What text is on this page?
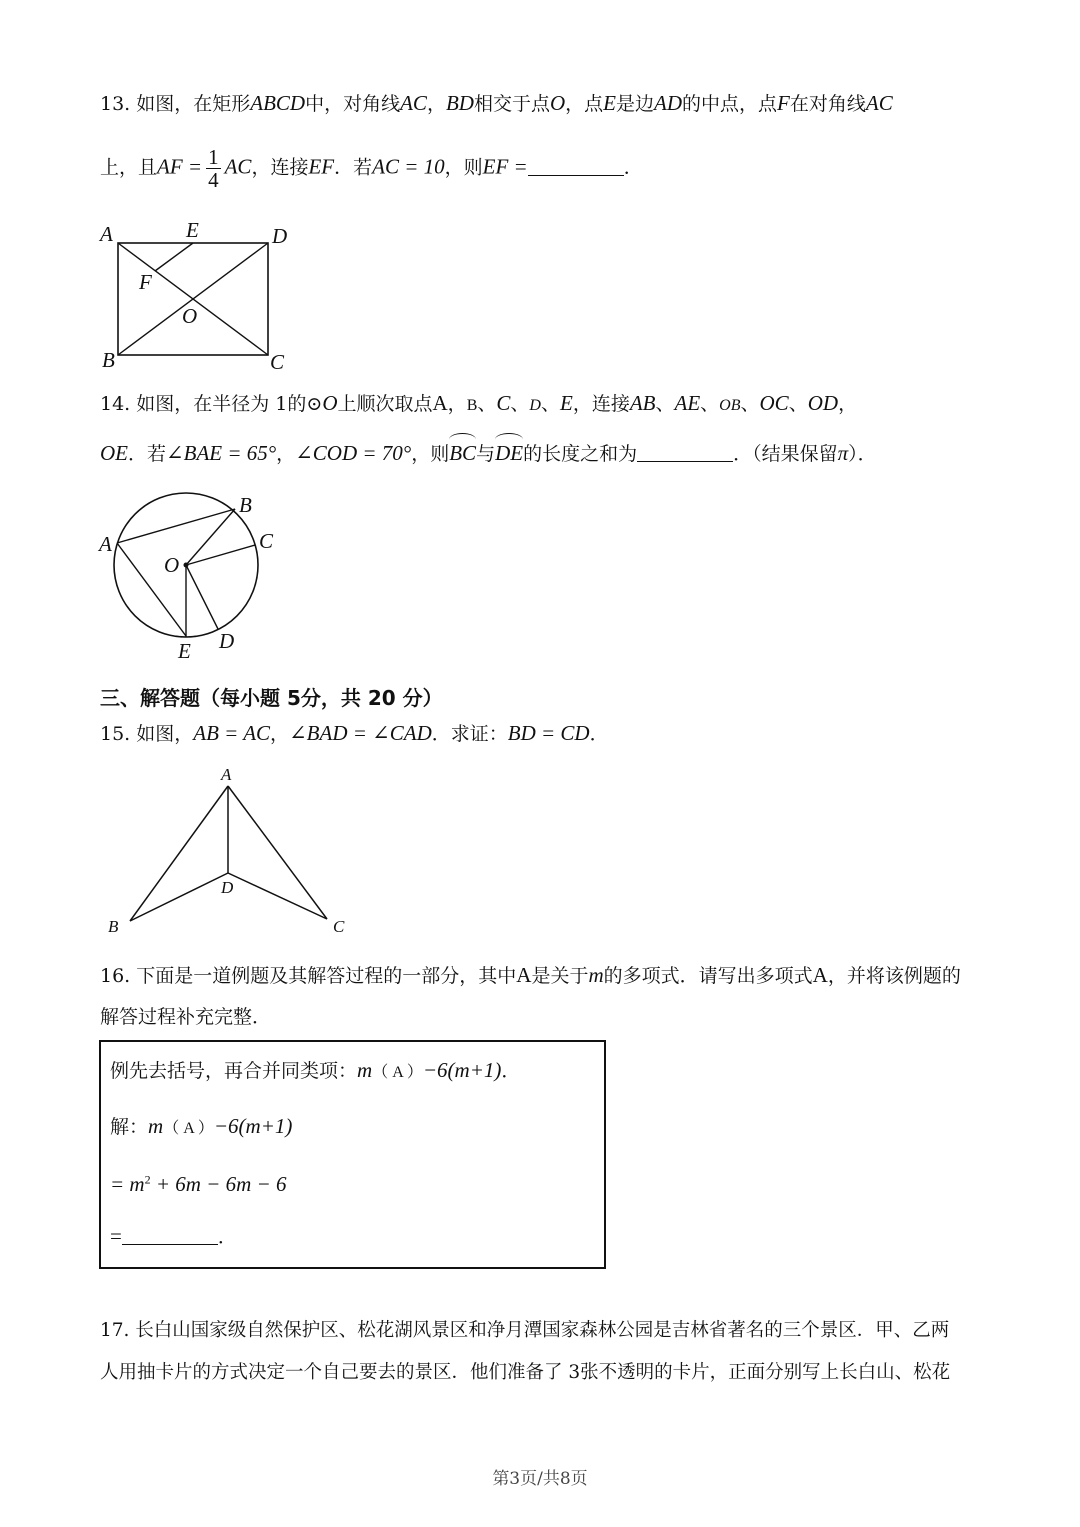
13. 如图，在矩形ABCD中，对角线AC，BD相交于点O，点E是边AD的中点，点F在对角线AC
上，且AF = $\frac{1}{4}$ AC，连接EF．若AC = 10，则EF =	．
A	E	D
F
O
B	C
14. 如图，在半径为 1的⊙O上顺次取点A，B、C、D、E，连接AB、AE、OB、OC、OD，
OE．若∠BAE = 65°，∠COD = 70°，则BC与DE的长度之和为	．（结果保留π）．
A
B
C
O
D
E
三、解答题（每小题 5分，共 20 分）
15. 如图，AB = AC，∠BAD = ∠CAD．求证：BD = CD．
A
B	C
D
16. 下面是一道例题及其解答过程的一部分，其中A是关于m的多项式．请写出多项式A，并将该例题的
解答过程补充完整．
例先去括号，再合并同类项：m（ A ）−6(m+1)．
解：m（ A ）−6(m+1)
= $m^2 + 6m - 6m - 6$
=	．
17. 长白山国家级自然保护区、松花湖风景区和净月潭国家森林公园是吉林省著名的三个景区．甲、乙两
人用抽卡片的方式决定一个自己要去的景区．他们准备了 3张不透明的卡片，正面分别写上长白山、松花
第3页/共8页
